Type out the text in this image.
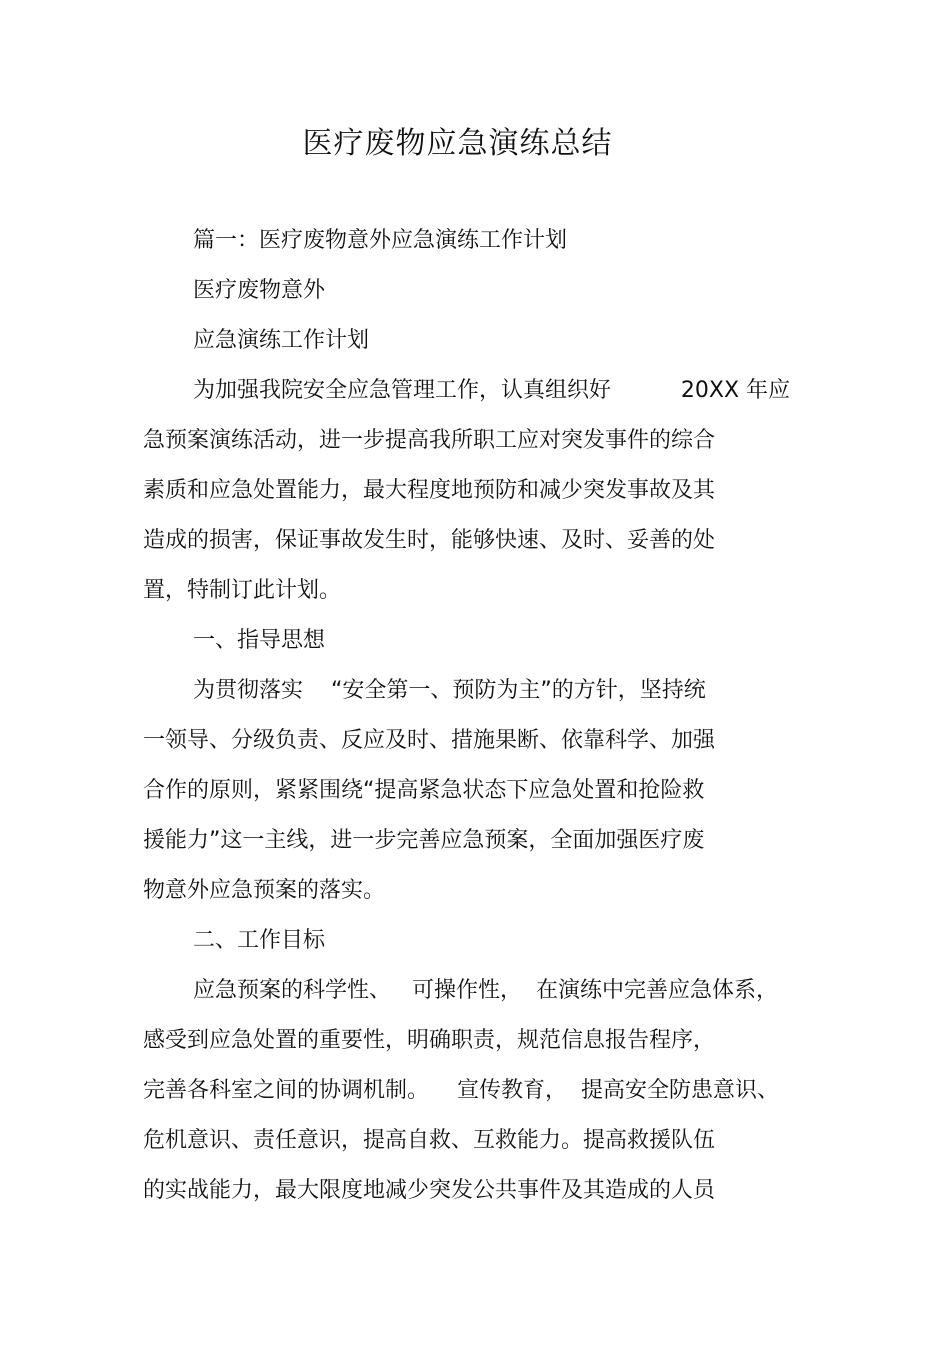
医疗废物应急演练总结
篇一：医疗废物意外应急演练工作计划
医疗废物意外
应急演练工作计划
为加强我院安全应急管理工作，认真组织好          20XX 年应
急预案演练活动，进一步提高我所职工应对突发事件的综合
素质和应急处置能力，最大程度地预防和减少突发事故及其
造成的损害，保证事故发生时，能够快速、及时、妥善的处
置，特制订此计划。
一、指导思想
为贯彻落实    “安全第一、预防为主”的方针，坚持统
一领导、分级负责、反应及时、措施果断、依靠科学、加强
合作的原则，紧紧围绕“提高紧急状态下应急处置和抢险救
援能力”这一主线，进一步完善应急预案，全面加强医疗废
物意外应急预案的落实。
二、工作目标
应急预案的科学性、   可操作性，  在演练中完善应急体系，
感受到应急处置的重要性，明确职责，规范信息报告程序，
完善各科室之间的协调机制。    宣传教育，  提高安全防患意识、
危机意识、责任意识，提高自救、互救能力。提高救援队伍
的实战能力，最大限度地减少突发公共事件及其造成的人员
